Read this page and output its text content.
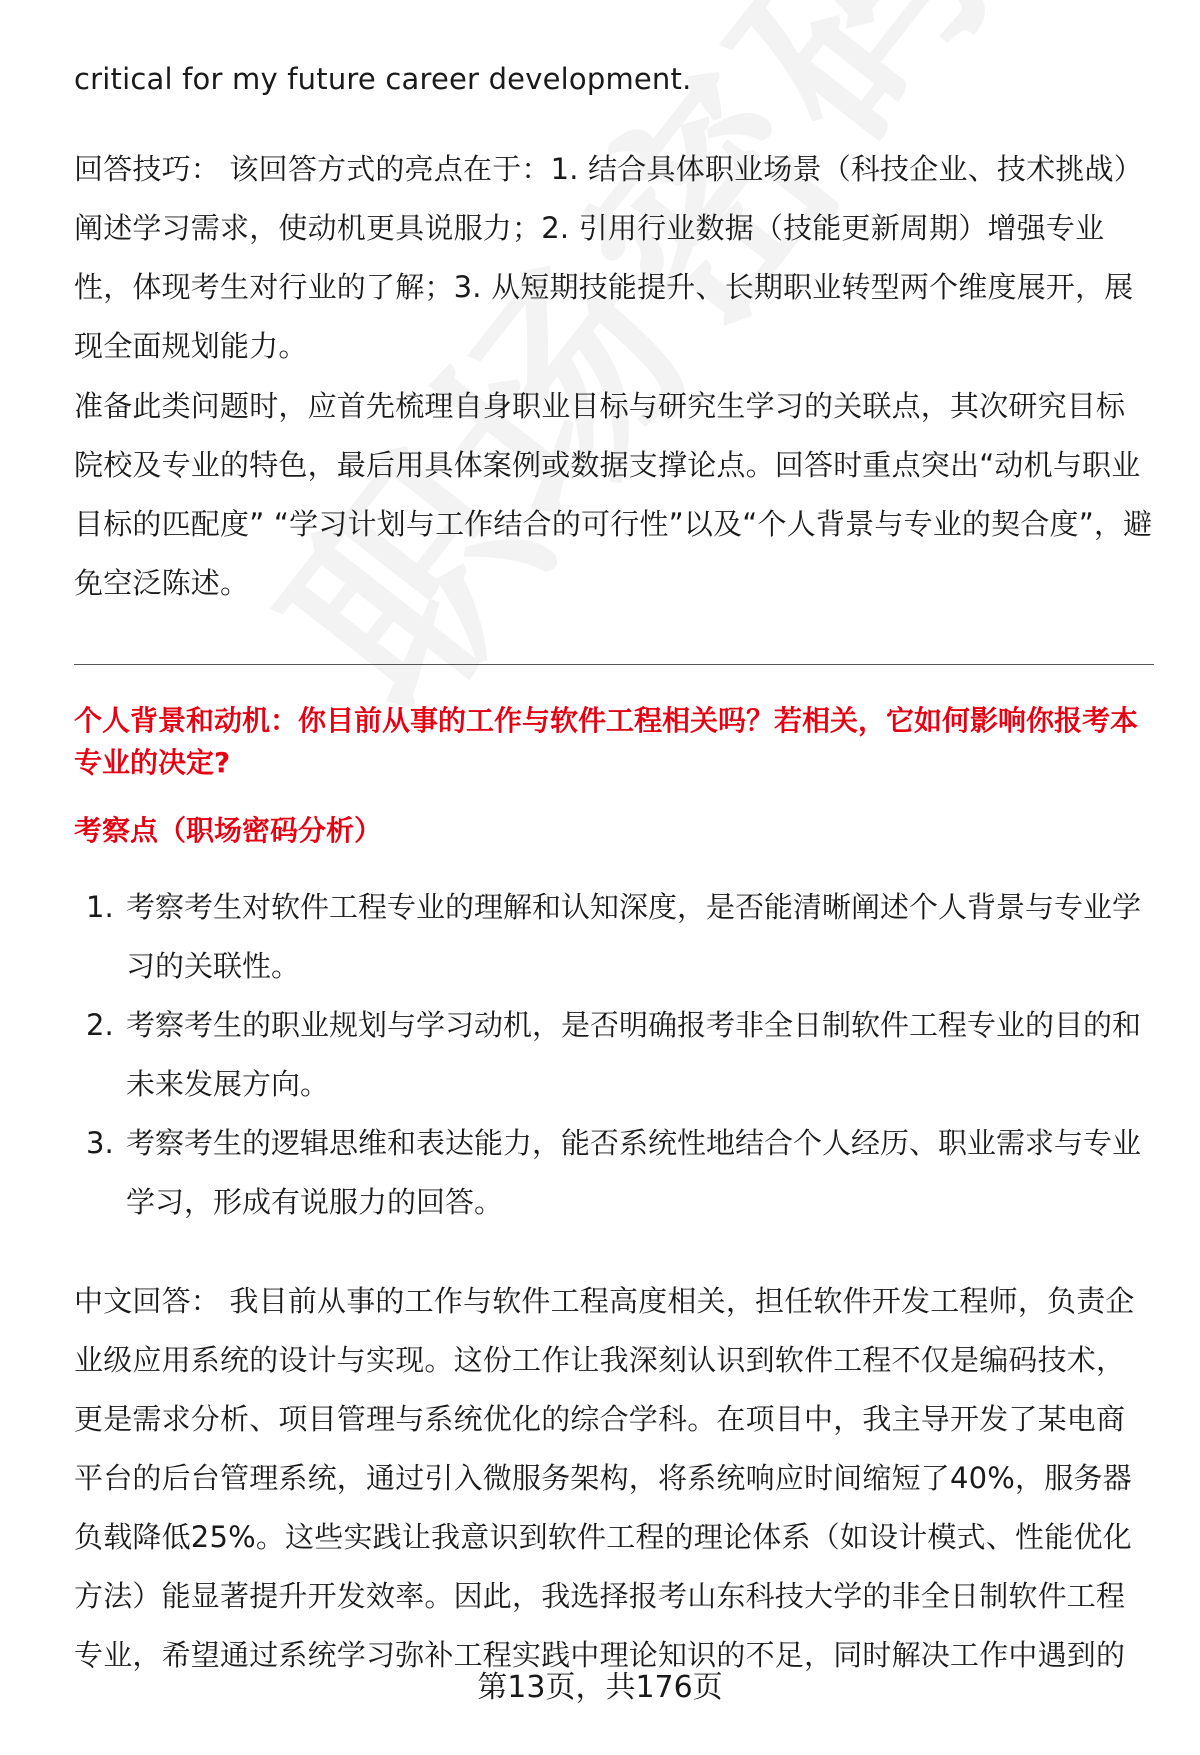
critical for my future career development.

回答技巧： 该回答方式的亮点在于：1. 结合具体职业场景（科技企业、技术挑战）阐述学习需求，使动机更具说服力；2. 引用行业数据（技能更新周期）增强专业性，体现考生对行业的了解；3. 从短期技能提升、长期职业转型两个维度展开，展现全面规划能力。

准备此类问题时，应首先梳理自身职业目标与研究生学习的关联点，其次研究目标院校及专业的特色，最后用具体案例或数据支撑论点。回答时重点突出“动机与职业目标的匹配度” “学习计划与工作结合的可行性”以及“个人背景与专业的契合度”，避免空泛陈述。

个人背景和动机：你目前从事的工作与软件工程相关吗？若相关，它如何影响你报考本专业的决定?

考察点（职场密码分析）

1. 考察考生对软件工程专业的理解和认知深度，是否能清晰阐述个人背景与专业学习的关联性。
2. 考察考生的职业规划与学习动机，是否明确报考非全日制软件工程专业的目的和未来发展方向。
3. 考察考生的逻辑思维和表达能力，能否系统性地结合个人经历、职业需求与专业学习，形成有说服力的回答。

中文回答： 我目前从事的工作与软件工程高度相关，担任软件开发工程师，负责企业级应用系统的设计与实现。这份工作让我深刻认识到软件工程不仅是编码技术，更是需求分析、项目管理与系统优化的综合学科。在项目中，我主导开发了某电商平台的后台管理系统，通过引入微服务架构，将系统响应时间缩短了40%，服务器负载降低25%。这些实践让我意识到软件工程的理论体系（如设计模式、性能优化方法）能显著提升开发效率。因此，我选择报考山东科技大学的非全日制软件工程专业，希望通过系统学习弥补工程实践中理论知识的不足，同时解决工作中遇到的

第13页，共176页
